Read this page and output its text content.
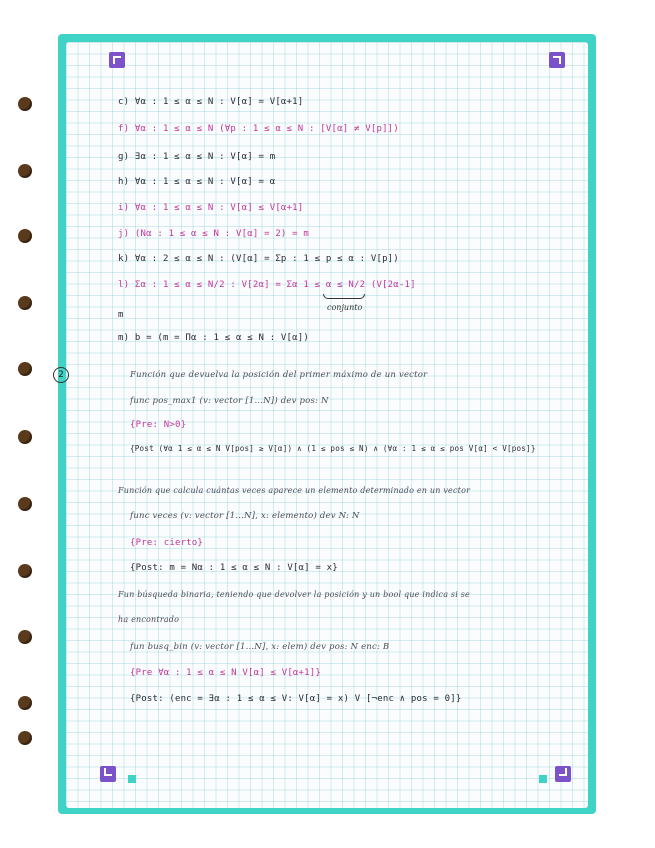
c) ∀α : 1 ≤ α ≤ N : V[α] = V[α+1]
f) ∀α : 1 ≤ α ≤ N (∀p : 1 ≤ α ≤ N : [V[α] ≠ V[p]])
g) ∃α : 1 ≤ α ≤ N : V[α] = m
h) ∀α : 1 ≤ α ≤ N : V[α] = α
i) ∀α : 1 ≤ α ≤ N : V[α] ≤ V[α+1]
j) (Nα : 1 ≤ α ≤ N : V[α] = 2) = m
k) ∀α : 2 ≤ α ≤ N : (V[α] = Σp : 1 ≤ p ≤ α : V[p])
l) Σα : 1 ≤ α ≤ N/2 : V[2α] = Σα 1 ≤ α ≤ N/2 (V[2α-1]
conjunto
m
m) b = (m = Πα : 1 ≤ α ≤ N : V[α])
2	Función que devuelva la posición del primer máximo de un vector
func pos_max1 (v: vector [1...N]) dev pos: N
{Pre: N>0}
{Post (∀α 1 ≤ α ≤ N V[pos] ≥ V[α]) ∧ (1 ≤ pos ≤ N) ∧ (∀α : 1 ≤ α ≤ pos V[α] < V[pos]}
Función que calcula cuántas veces aparece un elemento determinado en un vector
func veces (v: vector [1...N], x: elemento) dev N: N
{Pre: cierto}
{Post: m = Nα : 1 ≤ α ≤ N : V[α] = x}
Fun búsqueda binaria, teniendo que devolver la posición y un bool que indica si se
ha encontrado
fun busq_bin (v: vector [1...N], x: elem) dev pos: N enc: B
{Pre ∀α : 1 ≤ α ≤ N V[α] ≤ V[α+1]}
{Post: (enc = ∃α : 1 ≤ α ≤ V: V[α] = x) V [¬enc ∧ pos = 0]}
